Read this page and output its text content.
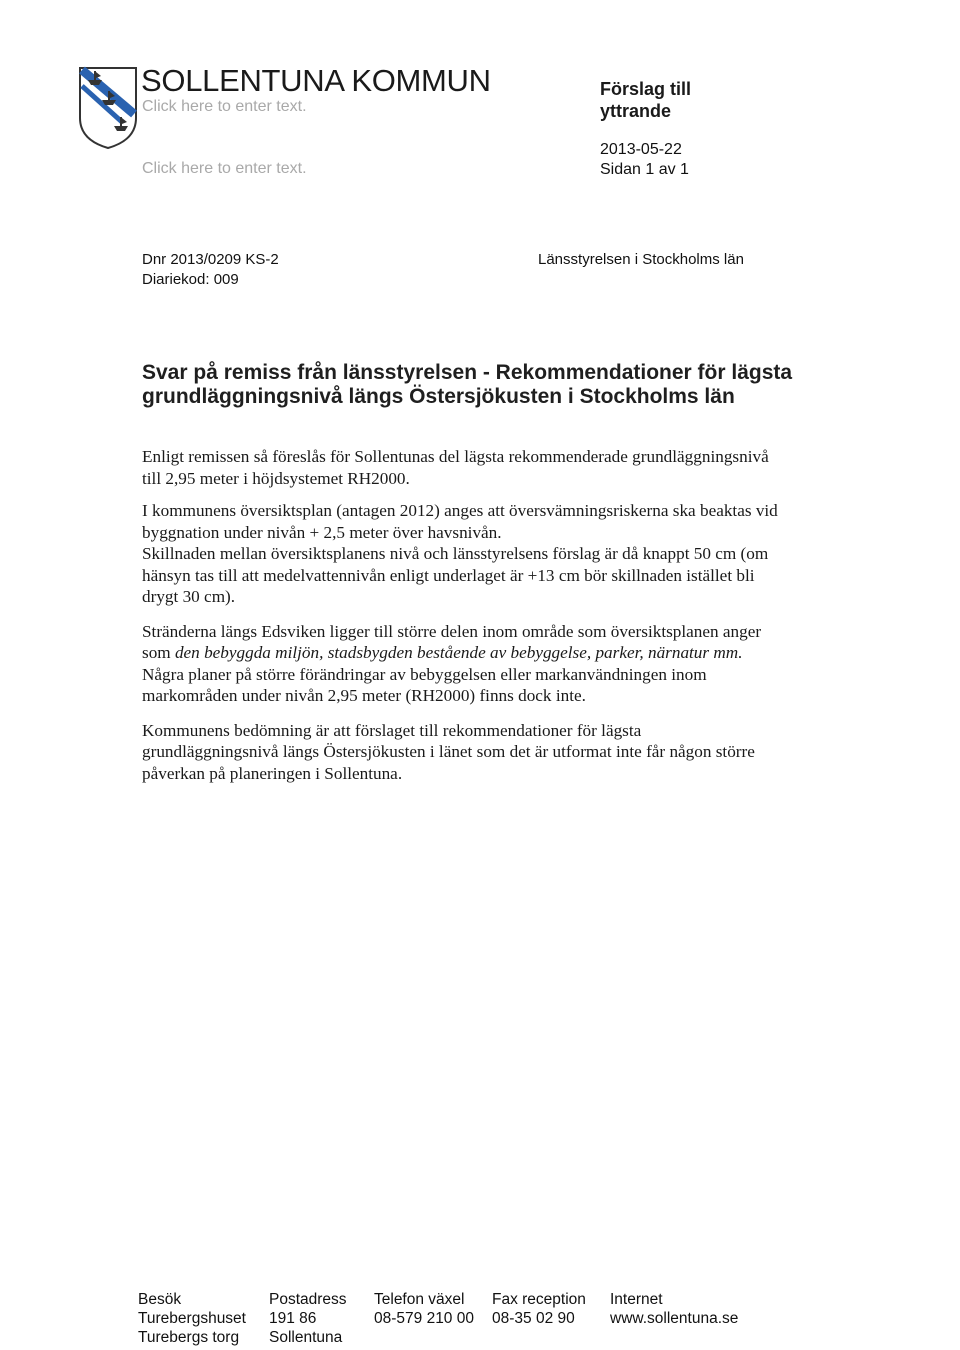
SOLLENTUNA KOMMUN
Click here to enter text.
Click here to enter text.
Förslag till
yttrande
2013-05-22
Sidan 1 av 1
Dnr 2013/0209 KS-2
Diariekod: 009
Länsstyrelsen i Stockholms län
Svar på remiss från länsstyrelsen - Rekommendationer för lägsta grundläggningsnivå längs Östersjökusten i Stockholms län

Enligt remissen så föreslås för Sollentunas del lägsta rekommenderade grundläggningsnivå till 2,95 meter i höjdsystemet RH2000.

I kommunens översiktsplan (antagen 2012) anges att översvämningsriskerna ska beaktas vid byggnation under nivån + 2,5 meter över havsnivån.

Skillnaden mellan översiktsplanens nivå och länsstyrelsens förslag är då knappt 50 cm (om hänsyn tas till att medelvattennivån enligt underlaget är +13 cm bör skillnaden istället bli drygt 30 cm).

Stränderna längs Edsviken ligger till större delen inom område som översiktsplanen anger som den bebyggda miljön, stadsbygden bestående av bebyggelse, parker, närnatur mm. Några planer på större förändringar av bebyggelsen eller markanvändningen inom markområden under nivån 2,95 meter (RH2000) finns dock inte.

Kommunens bedömning är att förslaget till rekommendationer för lägsta grundläggningsnivå längs Östersjökusten i länet som det är utformat inte får någon större påverkan på planeringen i Sollentuna.

Besök
Turebergshuset
Turebergs torg
Postadress
191 86
Sollentuna
Telefon växel
08-579 210 00
Fax reception
08-35 02 90
Internet
www.sollentuna.se
